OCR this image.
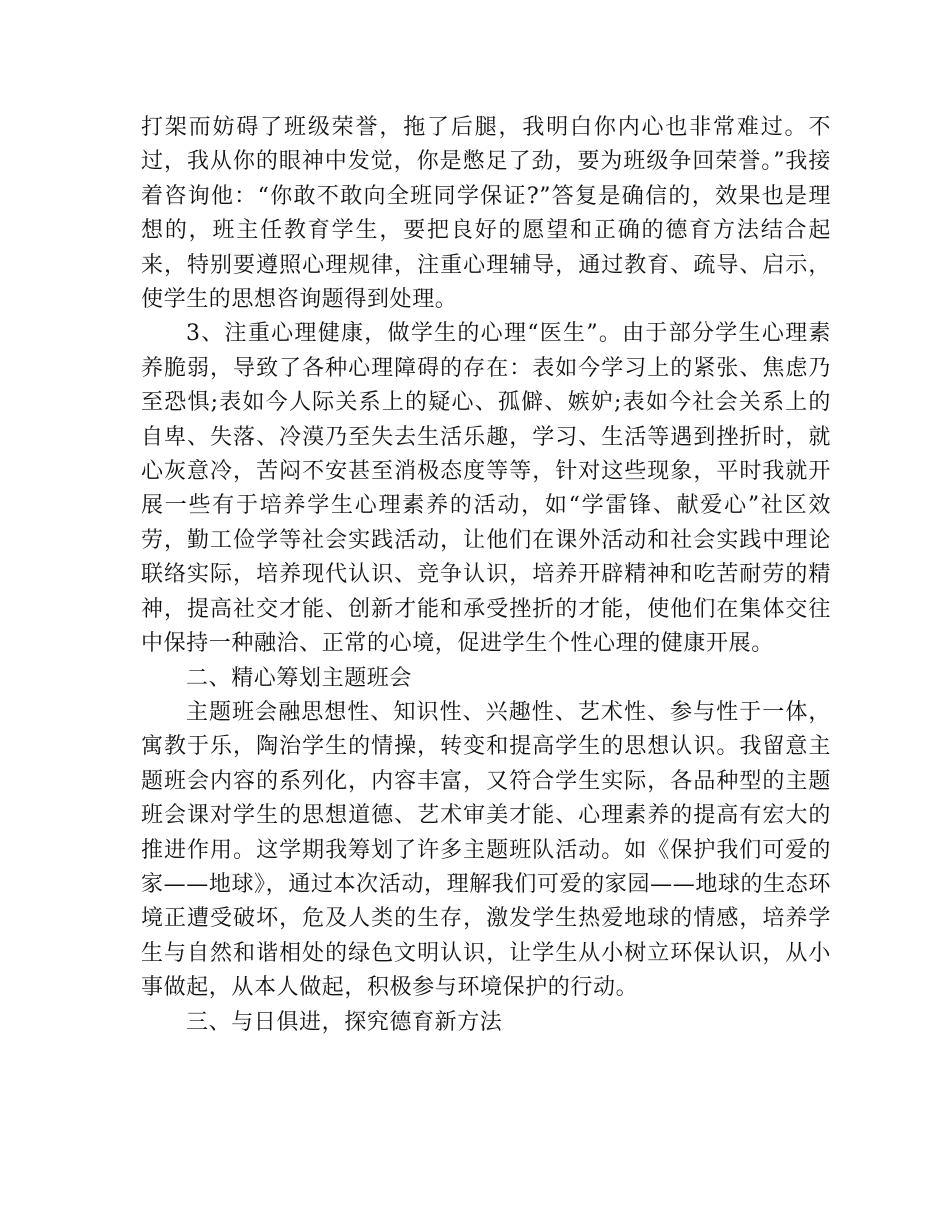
打架而妨碍了班级荣誉，拖了后腿，我明白你内心也非常难过。不过，我从你的眼神中发觉，你是憋足了劲，要为班级争回荣誉。”我接着咨询他：“你敢不敢向全班同学保证?”答复是确信的，效果也是理想的，班主任教育学生，要把良好的愿望和正确的德育方法结合起来，特别要遵照心理规律，注重心理辅导，通过教育、疏导、启示，使学生的思想咨询题得到处理。

3、注重心理健康，做学生的心理“医生”。由于部分学生心理素养脆弱，导致了各种心理障碍的存在：表如今学习上的紧张、焦虑乃至恐惧;表如今人际关系上的疑心、孤僻、嫉妒;表如今社会关系上的自卑、失落、冷漠乃至失去生活乐趣，学习、生活等遇到挫折时，就心灰意冷，苦闷不安甚至消极态度等等，针对这些现象，平时我就开展一些有于培养学生心理素养的活动，如“学雷锋、献爱心”社区效劳，勤工俭学等社会实践活动，让他们在课外活动和社会实践中理论联络实际，培养现代认识、竞争认识，培养开辟精神和吃苦耐劳的精神，提高社交才能、创新才能和承受挫折的才能，使他们在集体交往中保持一种融洽、正常的心境，促进学生个性心理的健康开展。

二、精心筹划主题班会

主题班会融思想性、知识性、兴趣性、艺术性、参与性于一体，寓教于乐，陶治学生的情操，转变和提高学生的思想认识。我留意主题班会内容的系列化，内容丰富，又符合学生实际，各品种型的主题班会课对学生的思想道德、艺术审美才能、心理素养的提高有宏大的推进作用。这学期我筹划了许多主题班队活动。如《保护我们可爱的家——地球》，通过本次活动，理解我们可爱的家园——地球的生态环境正遭受破坏，危及人类的生存，激发学生热爱地球的情感，培养学生与自然和谐相处的绿色文明认识，让学生从小树立环保认识，从小事做起，从本人做起，积极参与环境保护的行动。

三、与日俱进，探究德育新方法
